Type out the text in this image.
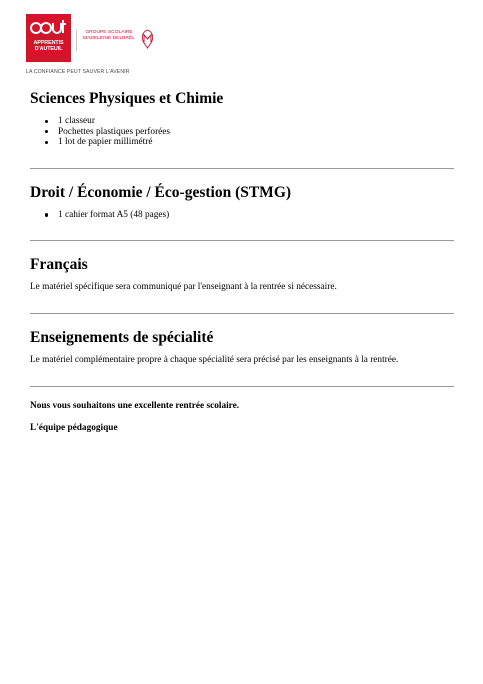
APPRENTIS
D'AUTEUIL
GROUPE SCOLAIRE
MADELEINE DELBRÊL
LA CONFIANCE PEUT SAUVER L'AVENIR
Sciences Physiques et Chimie
1 classeur
Pochettes plastiques perforées
1 lot de papier millimétré
Droit / Économie / Éco-gestion (STMG)
1 cahier format A5 (48 pages)
Français

Le matériel spécifique sera communiqué par l'enseignant à la rentrée si nécessaire.

Enseignements de spécialité

Le matériel complémentaire propre à chaque spécialité sera précisé par les enseignants à la rentrée.

Nous vous souhaitons une excellente rentrée scolaire.

L'équipe pédagogique
